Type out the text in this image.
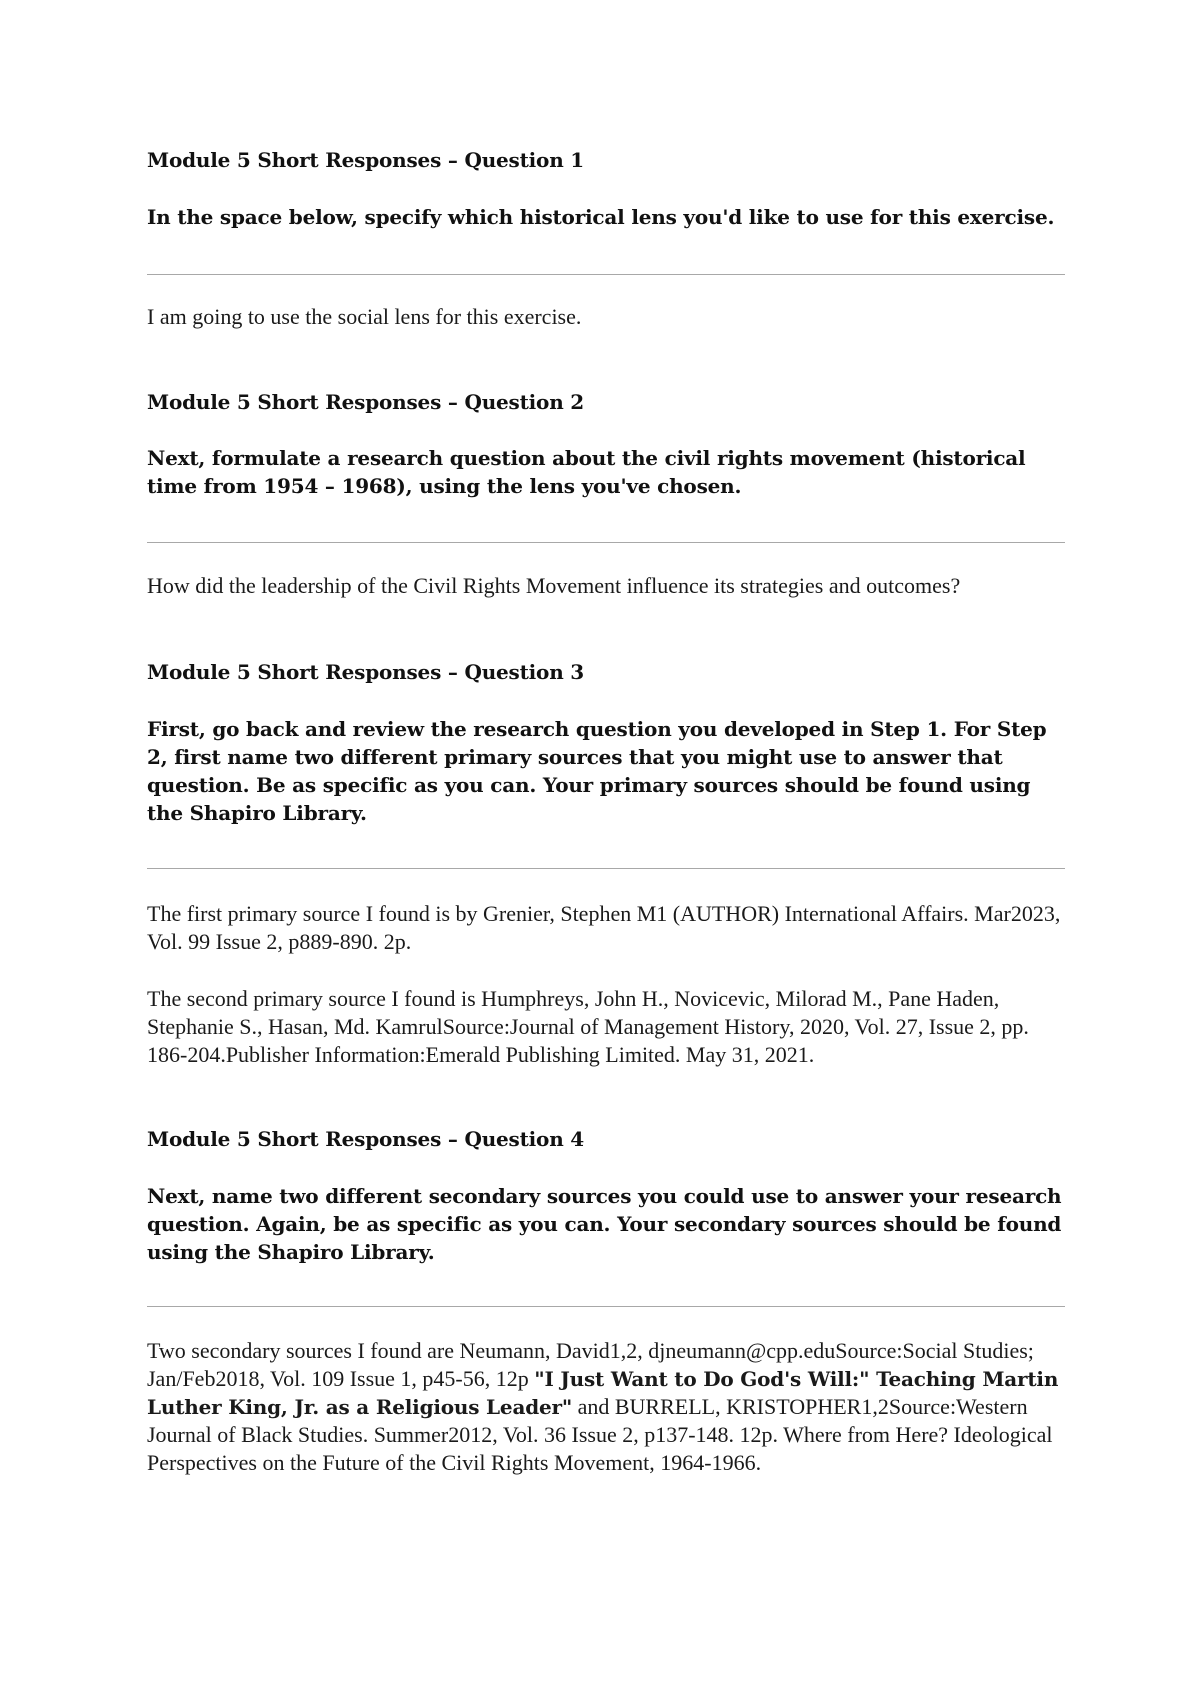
Module 5 Short Responses – Question 1

In the space below, specify which historical lens you'd like to use for this exercise.

I am going to use the social lens for this exercise.

Module 5 Short Responses – Question 2

Next, formulate a research question about the civil rights movement (historical time from 1954 – 1968), using the lens you've chosen.

How did the leadership of the Civil Rights Movement influence its strategies and outcomes?

Module 5 Short Responses – Question 3

First, go back and review the research question you developed in Step 1. For Step 2, first name two different primary sources that you might use to answer that question. Be as specific as you can. Your primary sources should be found using the Shapiro Library.

The first primary source I found is by Grenier, Stephen M1 (AUTHOR) International Affairs. Mar2023, Vol. 99 Issue 2, p889-890. 2p.

The second primary source I found is Humphreys, John H., Novicevic, Milorad M., Pane Haden, Stephanie S., Hasan, Md. KamrulSource:Journal of Management History, 2020, Vol. 27, Issue 2, pp. 186-204.Publisher Information:Emerald Publishing Limited. May 31, 2021.

Module 5 Short Responses – Question 4

Next, name two different secondary sources you could use to answer your research question. Again, be as specific as you can. Your secondary sources should be found using the Shapiro Library.

Two secondary sources I found are Neumann, David1,2, djneumann@cpp.eduSource:Social Studies; Jan/Feb2018, Vol. 109 Issue 1, p45-56, 12p "I Just Want to Do God's Will:" Teaching Martin Luther King, Jr. as a Religious Leader" and BURRELL, KRISTOPHER1,2Source:Western Journal of Black Studies. Summer2012, Vol. 36 Issue 2, p137-148. 12p. Where from Here? Ideological Perspectives on the Future of the Civil Rights Movement, 1964-1966.
